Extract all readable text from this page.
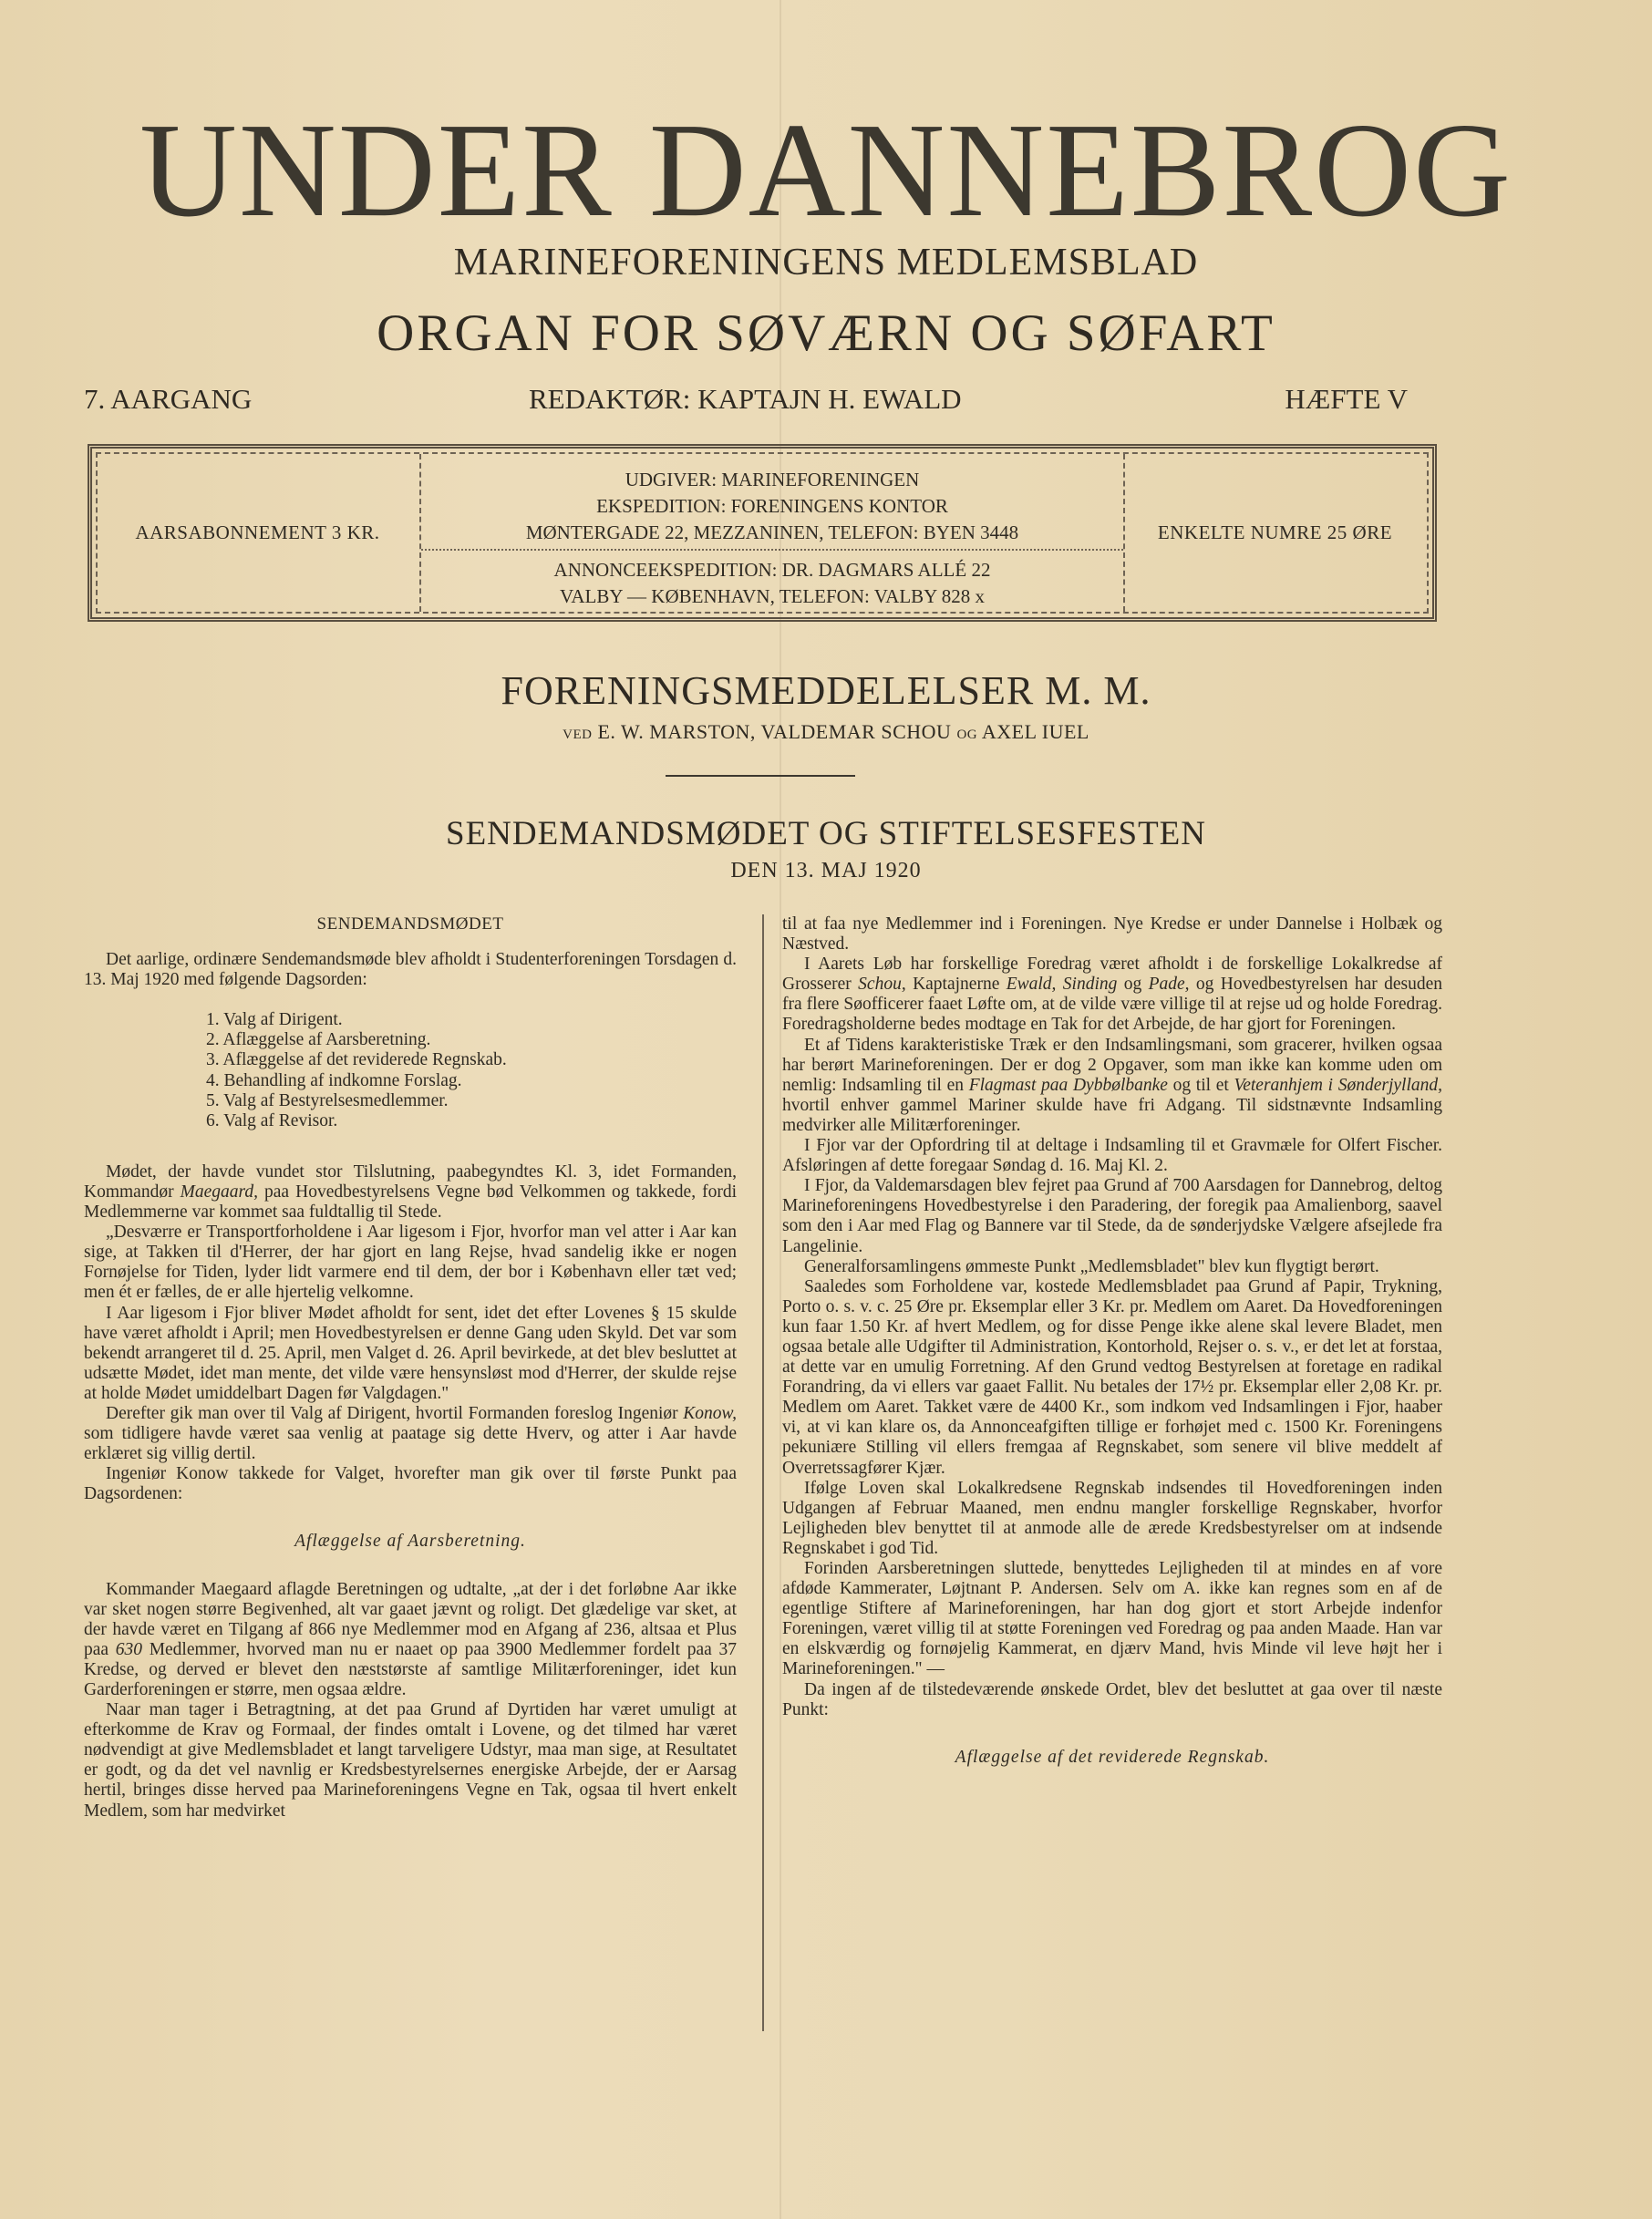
UNDER DANNEBROG
MARINEFORENINGENS MEDLEMSBLAD
ORGAN FOR SØVÆRN OG SØFART
7. AARGANG	REDAKTØR: KAPTAJN H. EWALD	HÆFTE V
AARSABONNEMENT 3 KR.
UDGIVER: MARINEFORENINGEN
EKSPEDITION: FORENINGENS KONTOR
MØNTERGADE 22, MEZZANINEN, TELEFON: BYEN 3448
ANNONCEEKSPEDITION: DR. DAGMARS ALLÉ 22
VALBY — KØBENHAVN, TELEFON: VALBY 828 x
ENKELTE NUMRE 25 ØRE
FORENINGSMEDDELELSER M. M.
VED E. W. MARSTON, VALDEMAR SCHOU OG AXEL IUEL
SENDEMANDSMØDET OG STIFTELSESFESTEN
DEN 13. MAJ 1920
SENDEMANDSMØDET

Det aarlige, ordinære Sendemandsmøde blev afholdt i Studenterforeningen Torsdagen d. 13. Maj 1920 med følgende Dagsorden:

1. Valg af Dirigent.
2. Aflæggelse af Aarsberetning.
3. Aflæggelse af det reviderede Regnskab.
4. Behandling af indkomne Forslag.
5. Valg af Bestyrelsesmedlemmer.
6. Valg af Revisor.

Mødet, der havde vundet stor Tilslutning, paabegyndtes Kl. 3, idet Formanden, Kommandør Maegaard, paa Hovedbestyrelsens Vegne bød Velkommen og takkede, fordi Medlemmerne var kommet saa fuldtallig til Stede.

„Desværre er Transportforholdene i Aar ligesom i Fjor, hvorfor man vel atter i Aar kan sige, at Takken til d'Herrer, der har gjort en lang Rejse, hvad sandelig ikke er nogen Fornøjelse for Tiden, lyder lidt varmere end til dem, der bor i København eller tæt ved; men ét er fælles, de er alle hjertelig velkomne.

I Aar ligesom i Fjor bliver Mødet afholdt for sent, idet det efter Lovenes § 15 skulde have været afholdt i April; men Hovedbestyrelsen er denne Gang uden Skyld. Det var som bekendt arrangeret til d. 25. April, men Valget d. 26. April bevirkede, at det blev besluttet at udsætte Mødet, idet man mente, det vilde være hensynsløst mod d'Herrer, der skulde rejse at holde Mødet umiddelbart Dagen før Valgdagen."

Derefter gik man over til Valg af Dirigent, hvortil Formanden foreslog Ingeniør Konow, som tidligere havde været saa venlig at paatage sig dette Hverv, og atter i Aar havde erklæret sig villig dertil.

Ingeniør Konow takkede for Valget, hvorefter man gik over til første Punkt paa Dagsordenen:

Aflæggelse af Aarsberetning.

Kommander Maegaard aflagde Beretningen og udtalte, „at der i det forløbne Aar ikke var sket nogen større Begivenhed, alt var gaaet jævnt og roligt. Det glædelige var sket, at der havde været en Tilgang af 866 nye Medlemmer mod en Afgang af 236, altsaa et Plus paa 630 Medlemmer, hvorved man nu er naaet op paa 3900 Medlemmer fordelt paa 37 Kredse, og derved er blevet den næststørste af samtlige Militærforeninger, idet kun Garderforeningen er større, men ogsaa ældre.

Naar man tager i Betragtning, at det paa Grund af Dyrtiden har været umuligt at efterkomme de Krav og Formaal, der findes omtalt i Lovene, og det tilmed har været nødvendigt at give Medlemsbladet et langt tarveligere Udstyr, maa man sige, at Resultatet er godt, og da det vel navnlig er Kredsbestyrelsernes energiske Arbejde, der er Aarsag hertil, bringes disse herved paa Marineforeningens Vegne en Tak, ogsaa til hvert enkelt Medlem, som har medvirket

til at faa nye Medlemmer ind i Foreningen. Nye Kredse er under Dannelse i Holbæk og Næstved.

I Aarets Løb har forskellige Foredrag været afholdt i de forskellige Lokalkredse af Grosserer Schou, Kaptajnerne Ewald, Sinding og Pade, og Hovedbestyrelsen har desuden fra flere Søofficerer faaet Løfte om, at de vilde være villige til at rejse ud og holde Foredrag. Foredragsholderne bedes modtage en Tak for det Arbejde, de har gjort for Foreningen.

Et af Tidens karakteristiske Træk er den Indsamlingsmani, som gracerer, hvilken ogsaa har berørt Marineforeningen. Der er dog 2 Opgaver, som man ikke kan komme uden om nemlig: Indsamling til en Flagmast paa Dybbølbanke og til et Veteranhjem i Sønderjylland, hvortil enhver gammel Mariner skulde have fri Adgang. Til sidstnævnte Indsamling medvirker alle Militærforeninger.

I Fjor var der Opfordring til at deltage i Indsamling til et Gravmæle for Olfert Fischer. Afsløringen af dette foregaar Søndag d. 16. Maj Kl. 2.

I Fjor, da Valdemarsdagen blev fejret paa Grund af 700 Aarsdagen for Dannebrog, deltog Marineforeningens Hovedbestyrelse i den Paradering, der foregik paa Amalienborg, saavel som den i Aar med Flag og Bannere var til Stede, da de sønderjydske Vælgere afsejlede fra Langelinie.

Generalforsamlingens ømmeste Punkt „Medlemsbladet" blev kun flygtigt berørt.

Saaledes som Forholdene var, kostede Medlemsbladet paa Grund af Papir, Trykning, Porto o. s. v. c. 25 Øre pr. Eksemplar eller 3 Kr. pr. Medlem om Aaret. Da Hovedforeningen kun faar 1.50 Kr. af hvert Medlem, og for disse Penge ikke alene skal levere Bladet, men ogsaa betale alle Udgifter til Administration, Kontorhold, Rejser o. s. v., er det let at forstaa, at dette var en umulig Forretning. Af den Grund vedtog Bestyrelsen at foretage en radikal Forandring, da vi ellers var gaaet Fallit. Nu betales der 17½ pr. Eksemplar eller 2,08 Kr. pr. Medlem om Aaret. Takket være de 4400 Kr., som indkom ved Indsamlingen i Fjor, haaber vi, at vi kan klare os, da Annonceafgiften tillige er forhøjet med c. 1500 Kr. Foreningens pekuniære Stilling vil ellers fremgaa af Regnskabet, som senere vil blive meddelt af Overretssagfører Kjær.

Ifølge Loven skal Lokalkredsene Regnskab indsendes til Hovedforeningen inden Udgangen af Februar Maaned, men endnu mangler forskellige Regnskaber, hvorfor Lejligheden blev benyttet til at anmode alle de ærede Kredsbestyrelser om at indsende Regnskabet i god Tid.

Forinden Aarsberetningen sluttede, benyttedes Lejligheden til at mindes en af vore afdøde Kammerater, Løjtnant P. Andersen. Selv om A. ikke kan regnes som en af de egentlige Stiftere af Marineforeningen, har han dog gjort et stort Arbejde indenfor Foreningen, været villig til at støtte Foreningen ved Foredrag og paa anden Maade. Han var en elskværdig og fornøjelig Kammerat, en djærv Mand, hvis Minde vil leve højt her i Marineforeningen." —

Da ingen af de tilstedeværende ønskede Ordet, blev det besluttet at gaa over til næste Punkt:

Aflæggelse af det reviderede Regnskab.
